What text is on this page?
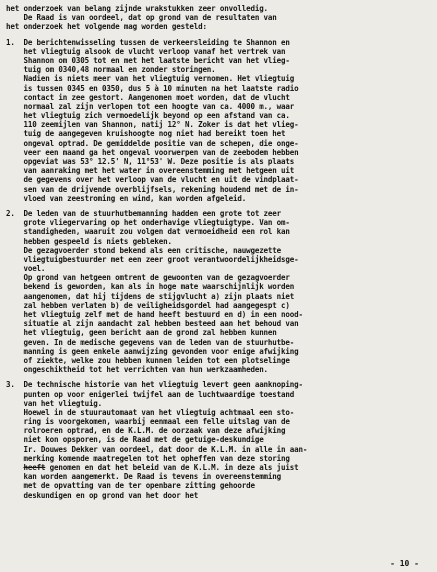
het onderzoek van belang zijnde wrakstukken zeer onvolledig.
De Raad is van oordeel, dat op grond van de resultaten van
het onderzoek het volgende mag worden gesteld:
1.  De berichtenwisseling tussen de verkeersleiding te Shannon en
het vliegtuig alsook de vlucht verloop vanaf het vertrek van
Shannon om 0305 tot en met het laatste bericht van het vlieg-
tuig om 0340,48 normaal en zonder storingen.
Nadien is niets meer van het vliegtuig vernomen. Het vliegtuig
is tussen 0345 en 0350, dus 5 à 10 minuten na het laatste radio
contact in zee gestort. Aangenomen moet worden, dat de vlucht
normaal zal zijn verlopen tot een hoogte van ca. 4000 m., waar
het vliegtuig zich vermoedelijk beyond op een afstand van ca.
110 zeemijlen van Shannon, natij 12° N. Zoker is dat het vlieg-
tuig de aangegeven kruishoogte nog niet had bereikt toen het
ongeval optrad. De gemiddelde positie van de schepen, die onge-
veer een maand ga het ongeval voorwerpen van de zeebodem hebben
opgeviat was 53° 12.5' N, 11°53' W. Deze positie is als plaats
van aanraking met het water in overeenstemming met hetgeen uit
de gegevens over het verloop van de vlucht en uit de vindplaat-
sen van de drijvende overblijfsels, rekening houdend met de in-
vloed van zeestroming en wind, kan worden afgeleid.
2.  De leden van de stuurhutbemanning hadden een grote tot zeer
grote vliegervaring op het onderhavige vliegtuigtype. Van om-
standigheden, waaruit zou volgen dat vermoeidheid een rol kan
hebben gespeeld is niets gebleken.
De gezagvoerder stond bekend als een critische, nauwgezette
vliegtuigbestuurder met een zeer groot verantwoordelijkheidsge-
voel.
Op grond van hetgeen omtrent de gewoonten van de gezagvoerder
bekend is geworden, kan als in hoge mate waarschijnlijk worden
aangenomen, dat hij tijdens de stijgvlucht a) zijn plaats niet
zal hebben verlaten b) de veiligheidsgordel had aangegespt c)
het vliegtuig zelf met de hand heeft bestuurd en d) in een nood-
situatie al zijn aandacht zal hebben besteed aan het behoud van
het vliegtuig, geen bericht aan de grond zal hebben kunnen
geven. In de medische gegevens van de leden van de stuurhutbe-
manning is geen enkele aanwijzing gevonden voor enige afwijking
of ziekte, welke zou hebben kunnen leiden tot een plotselinge
ongeschiktheid tot het verrichten van hun werkzaamheden.
3.  De technische historie van het vliegtuig levert geen aanknoping-
punten op voor enigerlei twijfel aan de luchtwaardige toestand
van het vliegtuig.
Hoewel in de stuurautomaat van het vliegtuig achtmaal een sto-
ring is voorgekomen, waarbij eenmaal een felle uitslag van de
rolroeren optrad, en de K.L.M. de oorzaak van deze afwijking
niet kon opsporen, is de Raad met de getuige-deskundige
Ir. Douwes Dekker van oordeel, dat door de K.L.M. in alle in aan-
merking komende maatregelen tot het opheffen van deze storing
heeft genomen en dat het beleid van de K.L.M. in deze als juist
kan worden aangemerkt. De Raad is tevens in overeenstemming
met de opvatting van de ter openbare zitting gehoorde
deskundigen en op grond van het door het
- 10 -
